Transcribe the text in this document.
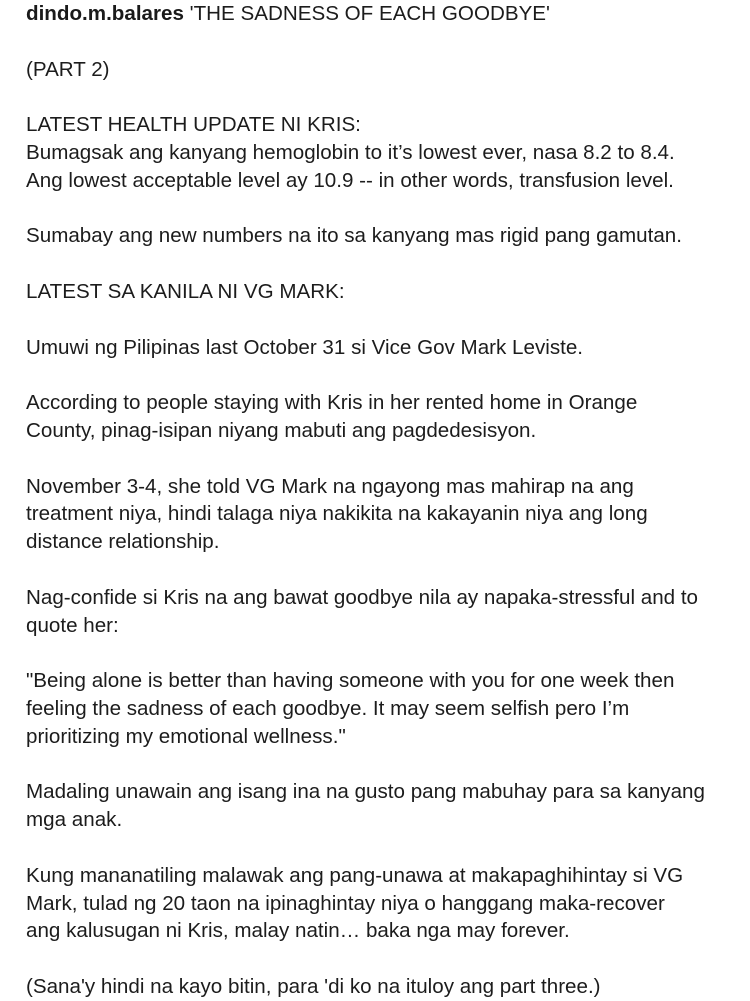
dindo.m.balares 'THE SADNESS OF EACH GOODBYE'

(PART 2)

LATEST HEALTH UPDATE NI KRIS:
Bumagsak ang kanyang hemoglobin to it’s lowest ever, nasa 8.2 to 8.4.
Ang lowest acceptable level ay 10.9 -- in other words, transfusion level.

Sumabay ang new numbers na ito sa kanyang mas rigid pang gamutan.

LATEST SA KANILA NI VG MARK:

Umuwi ng Pilipinas last October 31 si Vice Gov Mark Leviste.

According to people staying with Kris in her rented home in Orange
County, pinag-isipan niyang mabuti ang pagdedesisyon.

November 3-4, she told VG Mark na ngayong mas mahirap na ang
treatment niya, hindi talaga niya nakikita na kakayanin niya ang long
distance relationship.

Nag-confide si Kris na ang bawat goodbye nila ay napaka-stressful and to
quote her:

"Being alone is better than having someone with you for one week then
feeling the sadness of each goodbye. It may seem selfish pero I’m
prioritizing my emotional wellness."

Madaling unawain ang isang ina na gusto pang mabuhay para sa kanyang
mga anak.

Kung mananatiling malawak ang pang-unawa at makapaghihintay si VG
Mark, tulad ng 20 taon na ipinaghintay niya o hanggang maka-recover
ang kalusugan ni Kris, malay natin… baka nga may forever.

(Sana'y hindi na kayo bitin, para 'di ko na ituloy ang part three.)
